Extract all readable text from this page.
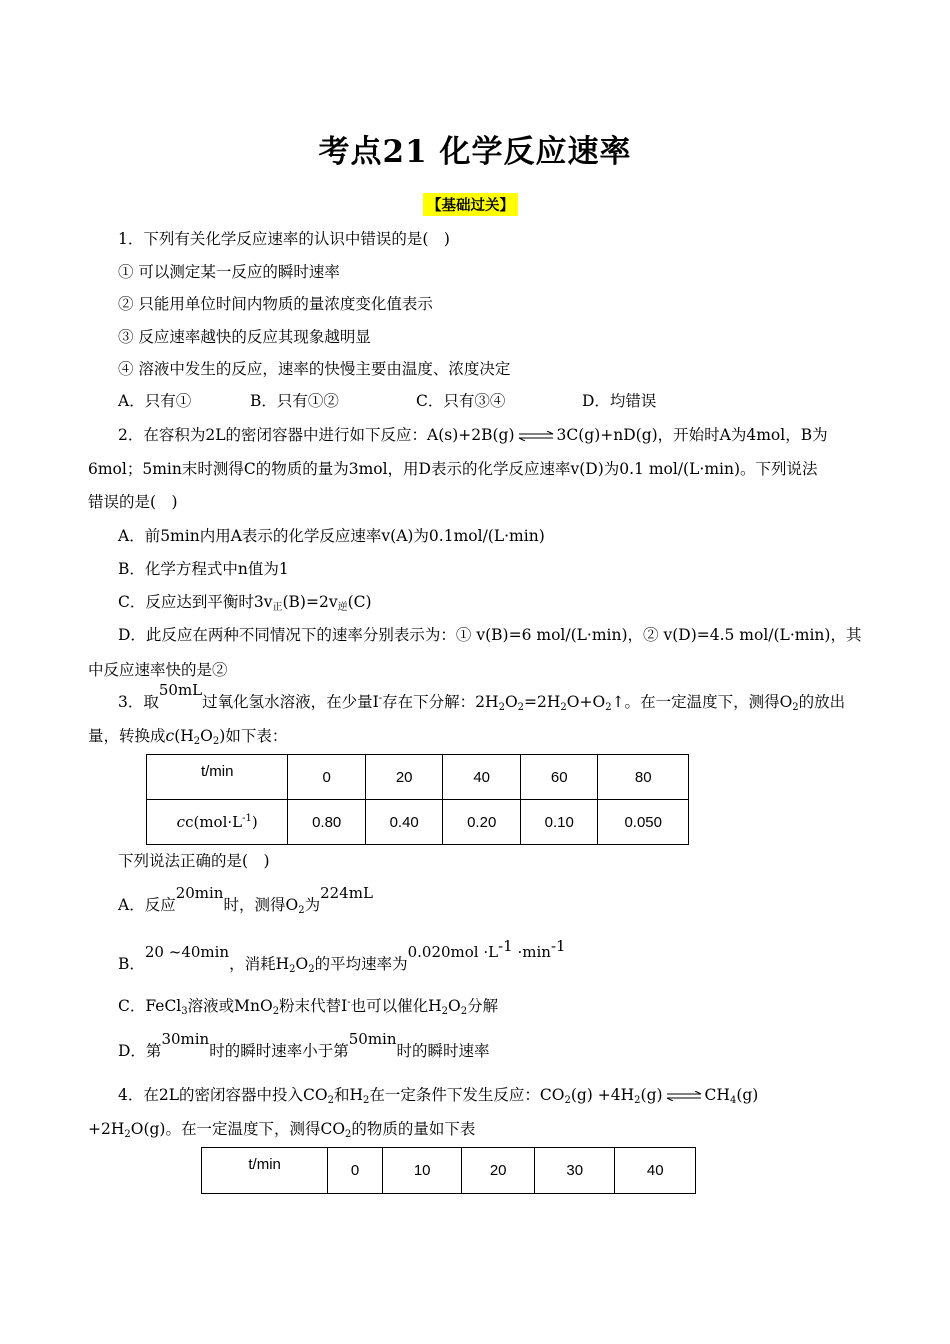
考点21 化学反应速率
【基础过关】
1．下列有关化学反应速率的认识中错误的是(　)
① 可以测定某一反应的瞬时速率
② 只能用单位时间内物质的量浓度变化值表示
③ 反应速率越快的反应其现象越明显
④ 溶液中发生的反应，速率的快慢主要由温度、浓度决定
A．只有①	B．只有①②	C．只有③④	D．均错误
2．在容积为2L的密闭容器中进行如下反应：A(s)+2B(g) ⇌ 3C(g)+nD(g)，开始时A为4mol，B为
6mol；5min末时测得C的物质的量为3mol，用D表示的化学反应速率v(D)为0.1 mol/(L·min)。下列说法
错误的是(　)
A．前5min内用A表示的化学反应速率v(A)为0.1mol/(L·min)
B．化学方程式中n值为1
C．反应达到平衡时$3v_正(B)=2v_逆(C)$
D．此反应在两种不同情况下的速率分别表示为：① v(B)=6 mol/(L·min)，② v(D)=4.5 mol/(L·min)，其
中反应速率快的是②
3．取50mL过氧化氢水溶液，在少量I-存在下分解：$2H_2O_2=2H_2O+O_2↑$。在一定温度下，测得$O_2$的放出
量，转换成$c(H_2O_2)$如下表：
t/min	0	20	40	60	80
$cc(mol\cdot L^{-1})$	0.80	0.40	0.20	0.10	0.050
下列说法正确的是(　)
A．反应20min时，测得$O_2$为224mL
B．20 ~40min，消耗$H_2O_2$的平均速率为$0.020mol \cdot L^{-1} \cdot\min^{-1}$
C．FeCl$_3$溶液或MnO$_2$粉末代替I-也可以催化$H_2O_2$分解
D．第30min时的瞬时速率小于第50min时的瞬时速率
4．在2L的密闭容器中投入$CO_2$和$H_2$在一定条件下发生反应：$CO_2(g) +4H_2(g)$ ⇌ $CH_4(g)$
$+2H_2O(g)$。在一定温度下，测得$CO_2$的物质的量如下表
t/min	0	10	20	30	40
